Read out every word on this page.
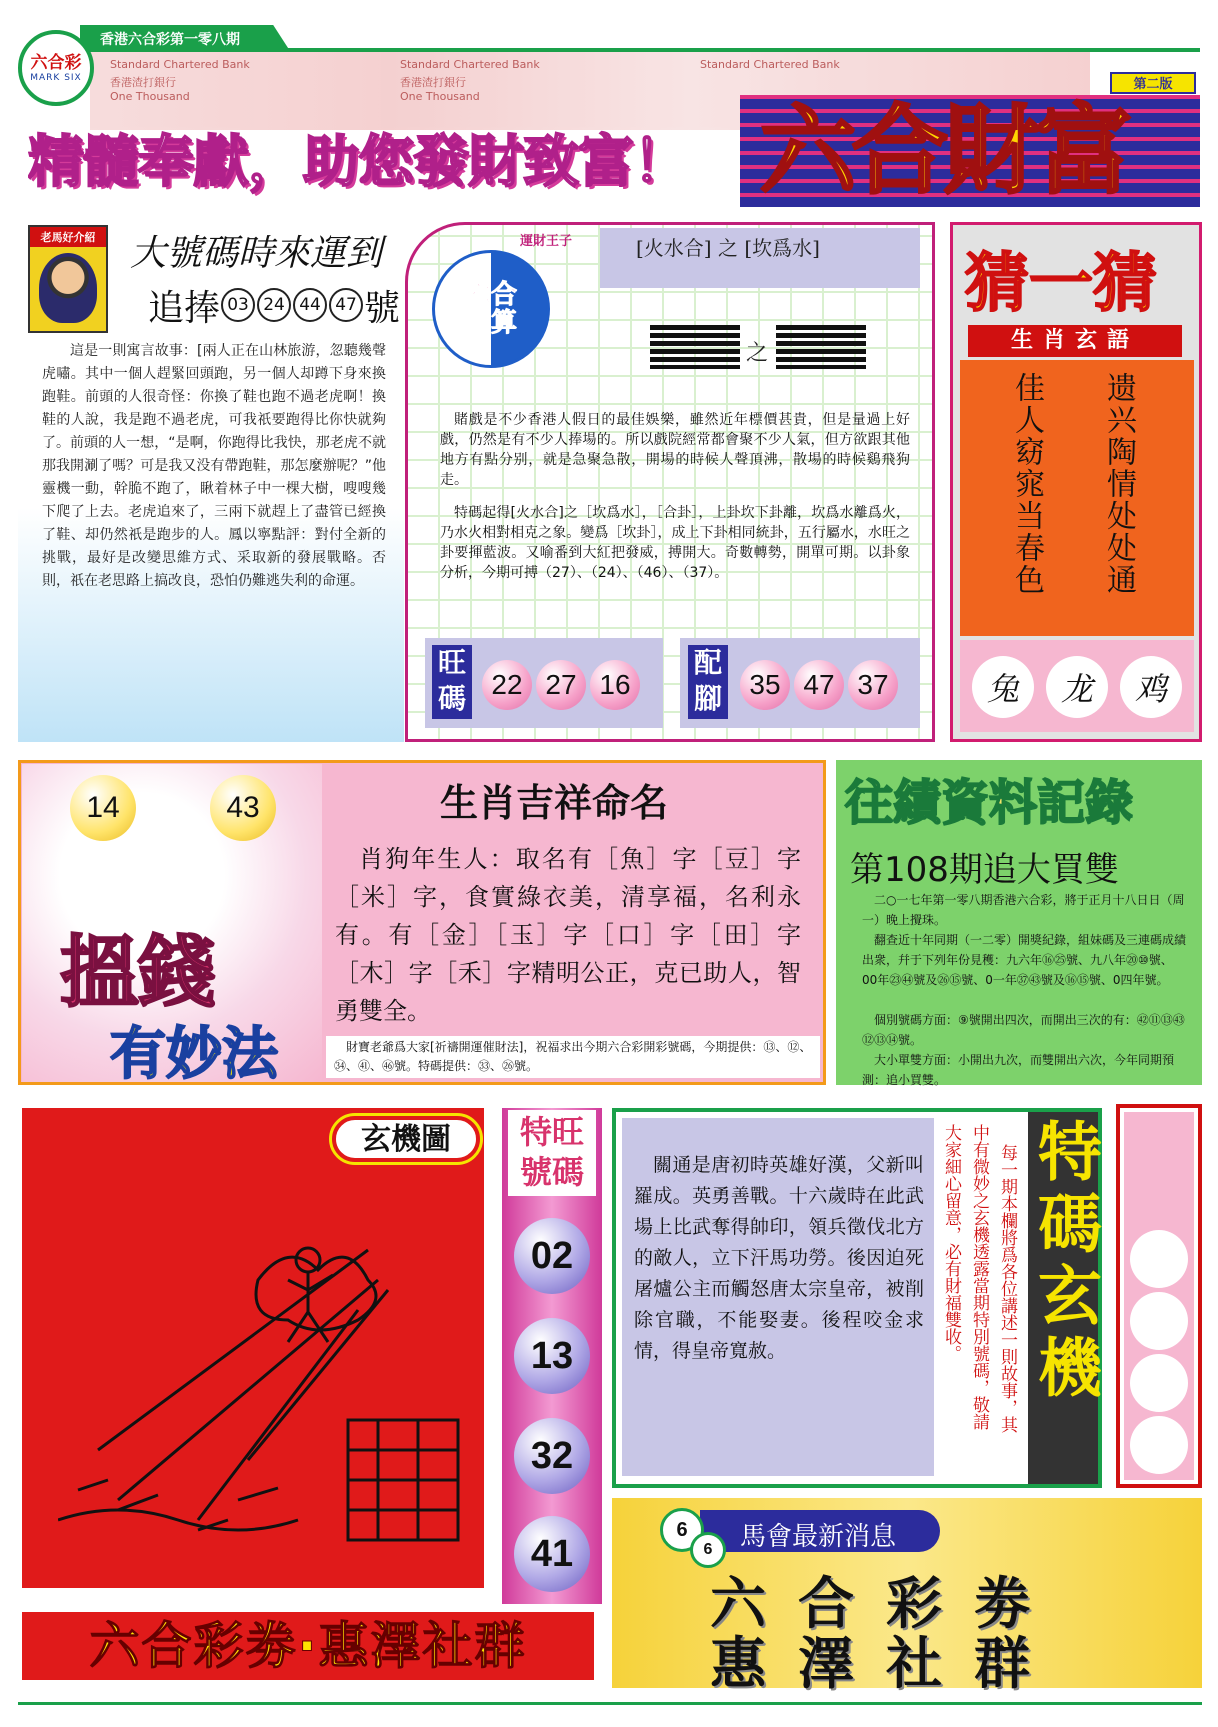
Standard Chartered Bank
香港渣打銀行
One Thousand
Standard Chartered Bank
香港渣打銀行
One Thousand
Standard Chartered Bank
香港六合彩第一零八期
六合彩
MARK SIX
精髓奉獻，助您發財致富！ 六合財富
第二版
老馬好介紹 大號碼時來運到
追捧 03 24 44 47 號
這是一則寓言故事：[兩人正在山林旅游，忽聽幾聲虎嘯。其中一個人趕緊回頭跑，另一個人却蹲下身來換跑鞋。前頭的人很奇怪：你換了鞋也跑不過老虎啊！換鞋的人說，我是跑不過老虎，可我祇要跑得比你快就夠了。前頭的人一想，“是啊，你跑得比我快，那老虎不就那我開涮了嗎？可是我又没有帶跑鞋，那怎麼辦呢？”他靈機一動，幹脆不跑了，瞅着林子中一棵大樹，嗖嗖幾下爬了上去。老虎追來了，三兩下就趕上了盡管已經換了鞋、却仍然祇是跑步的人。鳳以寧點評：對付全新的挑戰，最好是改變思維方式、采取新的發展戰略。否則，祇在老思路上搞改良，恐怕仍難逃失利的命運。
運財王子
六合神算
[火水合] 之 [坎爲水]
之
賭戲是不少香港人假日的最佳娛樂，雖然近年標價甚貴，但是量過上好戲，仍然是有不少人捧場的。所以戲院經常都會聚不少人氣，但方欲跟其他地方有點分别，就是急聚急散，開場的時候人聲頂沸，散場的時候鷄飛狗走。
特碼起得[火水合]之［坎爲水］，［合卦］，上卦坎下卦離，坎爲水離爲火，乃水火相對相克之象。變爲［坎卦］，成上下卦相同統卦，五行屬水，水旺之卦要揮藍波。又喻番到大紅把發威，搏開大。奇數轉勢，開單可期。以卦象分析，今期可搏（27）、（24）、（46）、（37）。
旺碼 22 27 16
配腳 35 47 37
猜一猜
生肖玄語
遗兴陶情处处通
佳人窈窕当春色
兔	龙	鸡
14	43
搵錢
有妙法
生肖吉祥命名
肖狗年生人：取名有［魚］字［豆］字［米］字，食實綠衣美，清享福，名利永有。有［金］［玉］字［口］字［田］字［木］字［禾］字精明公正，克已助人，智勇雙全。
財寶老爺爲大家[祈禱開運催財法]，祝福求出今期六合彩開彩號碼，今期提供：⑬、⑫、㉞、㊶、㊻號。特碼提供：㉝、㉖號。
往績資料記錄
第108期追大買雙
二○一七年第一零八期香港六合彩，將于正月十八日日（周一）晚上攪珠。
翻查近十年同期（一二零）開獎紀錄，組妹碼及三連碼成績出衆，幷于下列年份見穫：九六年⑯㉕號、九八年⑳⑩號、00年㉓㊹號及㉖⑮號、0一年㊲㊸號及⑯⑮號、0四年號。
個別號碼方面：⑨號開出四次，而開出三次的有：㊷⑪⑬㊸⑫⑬⑭號。
大小單雙方面：小開出九次，而雙開出六次，今年同期預測：追小買雙。
玄機圖
六合彩劵·惠澤社群
特旺號碼
02
13
32
41
關通是唐初時英雄好漢，父新叫羅成。英勇善戰。十六歲時在此武場上比武奪得帥印，領兵徵伐北方的敵人，立下汗馬功勞。後因迫死屠爐公主而觸怒唐太宗皇帝，被削除官職，不能娶妻。後程咬金求情，得皇帝寬赦。	大家細心留意，必有財福雙收。 中有微妙之玄機透露當期特別號碼，敬請 每一期本欄將爲各位講述一則故事，其 特碼玄機
6
6	馬會最新消息
六合彩劵
惠澤社群
